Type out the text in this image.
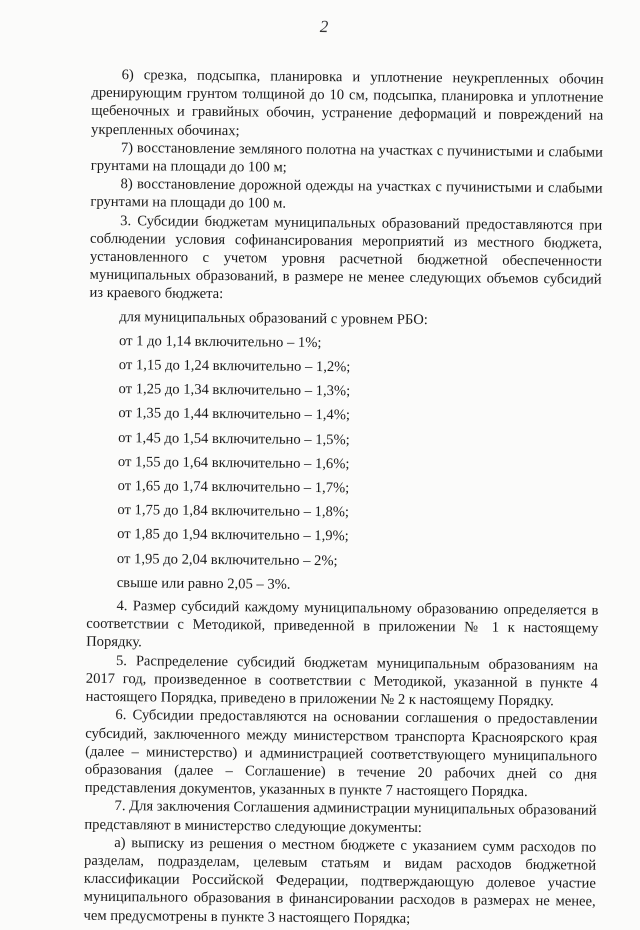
2

6) срезка, подсыпка, планировка и уплотнение неукрепленных обочин дренирующим грунтом толщиной до 10 см, подсыпка, планировка и уплотнение щебеночных и гравийных обочин, устранение деформаций и повреждений на укрепленных обочинах;

7) восстановление земляного полотна на участках с пучинистыми и слабыми грунтами на площади до 100 м;

8) восстановление дорожной одежды на участках с пучинистыми и слабыми грунтами на площади до 100 м.

3. Субсидии бюджетам муниципальных образований предоставляются при соблюдении условия софинансирования мероприятий из местного бюджета, установленного с учетом уровня расчетной бюджетной обеспеченности муниципальных образований, в размере не менее следующих объемов субсидий из краевого бюджета:

для муниципальных образований с уровнем РБО:

от 1 до 1,14 включительно – 1%;

от 1,15 до 1,24 включительно – 1,2%;

от 1,25 до 1,34 включительно – 1,3%;

от 1,35 до 1,44 включительно – 1,4%;

от 1,45 до 1,54 включительно – 1,5%;

от 1,55 до 1,64 включительно – 1,6%;

от 1,65 до 1,74 включительно – 1,7%;

от 1,75 до 1,84 включительно – 1,8%;

от 1,85 до 1,94 включительно – 1,9%;

от 1,95 до 2,04 включительно – 2%;

свыше или равно 2,05 – 3%.

4. Размер субсидий каждому муниципальному образованию определяется в соответствии с Методикой, приведенной в приложении № 1 к настоящему Порядку.

5. Распределение субсидий бюджетам муниципальным образованиям на 2017 год, произведенное в соответствии с Методикой, указанной в пункте 4 настоящего Порядка, приведено в приложении № 2 к настоящему Порядку.

6. Субсидии предоставляются на основании соглашения о предоставлении субсидий, заключенного между министерством транспорта Красноярского края (далее – министерство) и администрацией соответствующего муниципального образования (далее – Соглашение) в течение 20 рабочих дней со дня представления документов, указанных в пункте 7 настоящего Порядка.

7. Для заключения Соглашения администрации муниципальных образований представляют в министерство следующие документы:

а) выписку из решения о местном бюджете с указанием сумм расходов по разделам, подразделам, целевым статьям и видам расходов бюджетной классификации Российской Федерации, подтверждающую долевое участие муниципального образования в финансировании расходов в размерах не менее, чем предусмотрены в пункте 3 настоящего Порядка;
